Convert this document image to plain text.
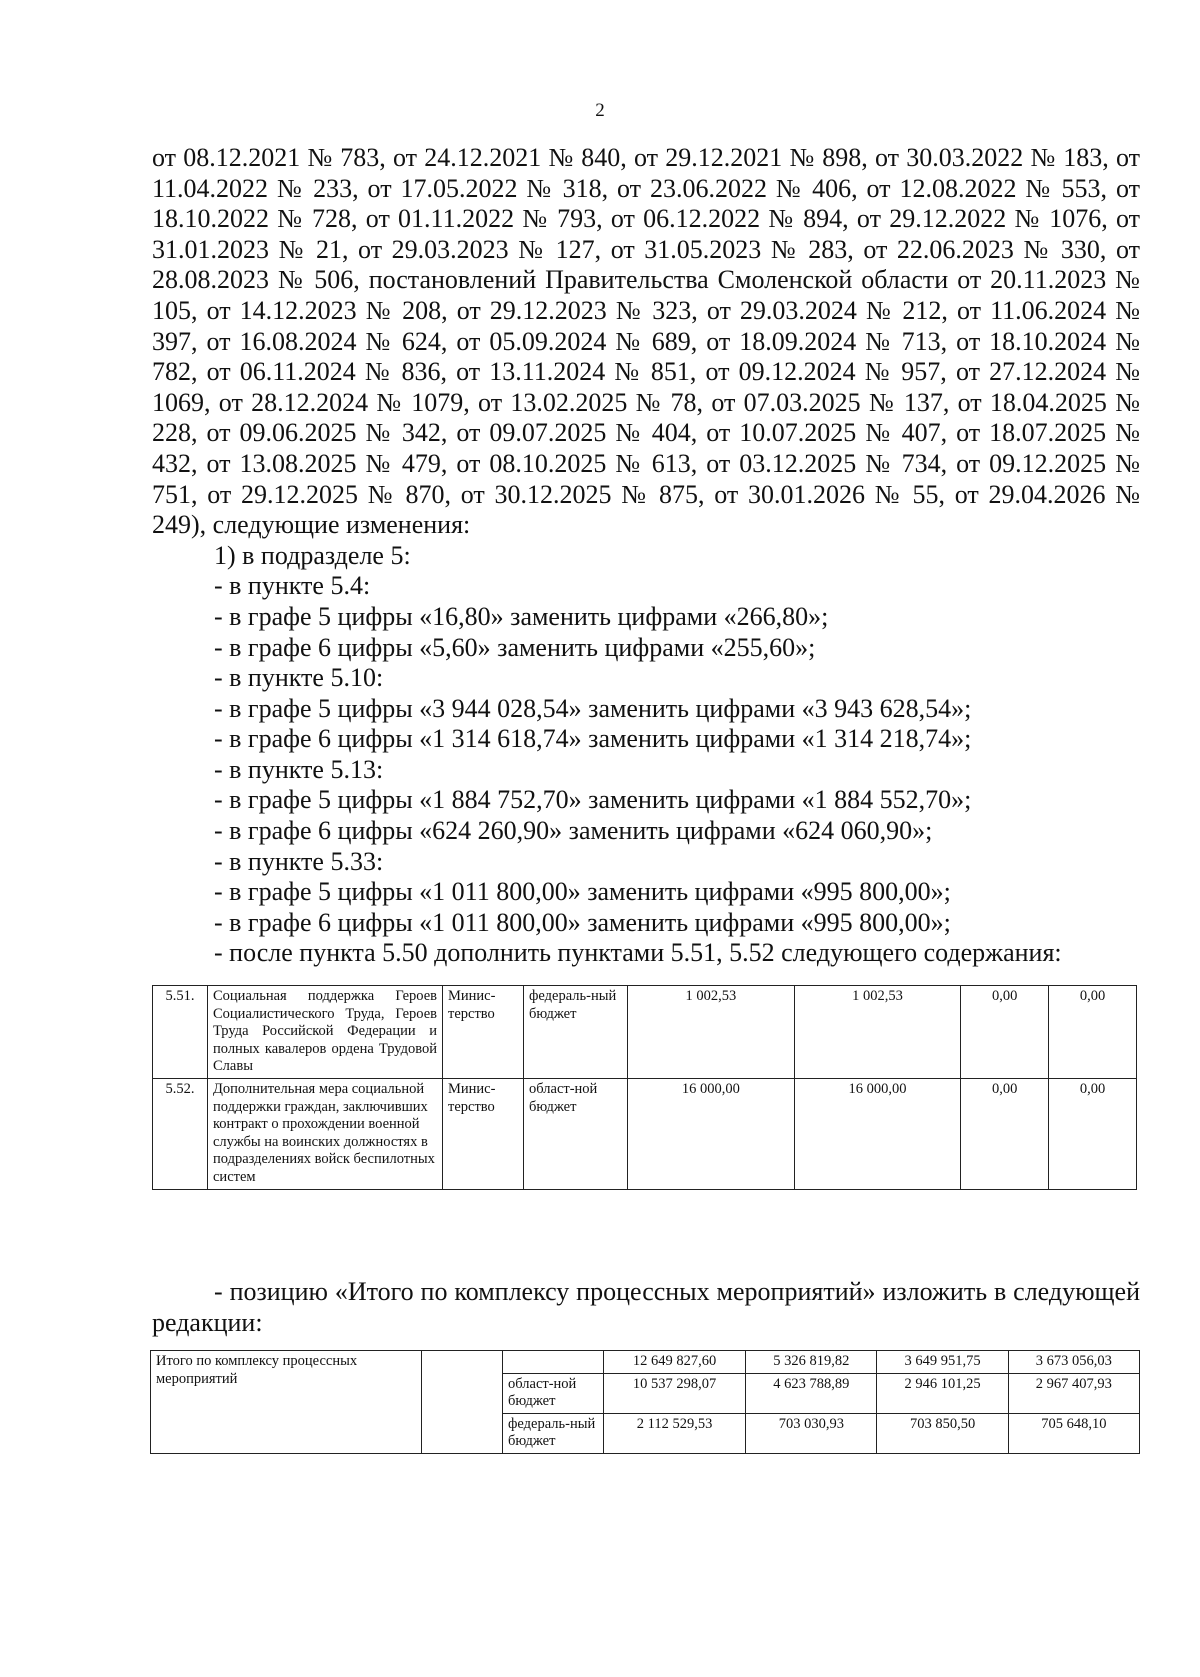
2
от 08.12.2021 № 783, от 24.12.2021 № 840, от 29.12.2021 № 898, от 30.03.2022 № 183, от 11.04.2022 № 233, от 17.05.2022 № 318, от 23.06.2022 № 406, от 12.08.2022 № 553, от 18.10.2022 № 728, от 01.11.2022 № 793, от 06.12.2022 № 894, от 29.12.2022 № 1076, от 31.01.2023 № 21, от 29.03.2023 № 127, от 31.05.2023 № 283, от 22.06.2023 № 330, от 28.08.2023 № 506, постановлений Правительства Смоленской области от 20.11.2023 № 105, от 14.12.2023 № 208, от 29.12.2023 № 323, от 29.03.2024 № 212, от 11.06.2024 № 397, от 16.08.2024 № 624, от 05.09.2024 № 689, от 18.09.2024 № 713, от 18.10.2024 № 782, от 06.11.2024 № 836, от 13.11.2024 № 851, от 09.12.2024 № 957, от 27.12.2024 № 1069, от 28.12.2024 № 1079, от 13.02.2025 № 78, от 07.03.2025 № 137, от 18.04.2025 № 228, от 09.06.2025 № 342, от 09.07.2025 № 404, от 10.07.2025 № 407, от 18.07.2025 № 432, от 13.08.2025 № 479, от 08.10.2025 № 613, от 03.12.2025 № 734, от 09.12.2025 № 751, от 29.12.2025 № 870, от 30.12.2025 № 875, от 30.01.2026 № 55, от 29.04.2026 № 249), следующие изменения:
1) в подразделе 5:
- в пункте 5.4:
- в графе 5 цифры «16,80» заменить цифрами «266,80»;
- в графе 6 цифры «5,60» заменить цифрами «255,60»;
- в пункте 5.10:
- в графе 5 цифры «3 944 028,54» заменить цифрами «3 943 628,54»;
- в графе 6 цифры «1 314 618,74» заменить цифрами «1 314 218,74»;
- в пункте 5.13:
- в графе 5 цифры «1 884 752,70» заменить цифрами «1 884 552,70»;
- в графе 6 цифры «624 260,90» заменить цифрами «624 060,90»;
- в пункте 5.33:
- в графе 5 цифры «1 011 800,00» заменить цифрами «995 800,00»;
- в графе 6 цифры «1 011 800,00» заменить цифрами «995 800,00»;
- после пункта 5.50 дополнить пунктами 5.51, 5.52 следующего содержания:
5.51.	Социальная поддержка Героев Социалистического Труда, Героев Труда Российской Федерации и полных кавалеров ордена Трудовой Славы	Минис-терство	федераль-ный бюджет	1 002,53	1 002,53	0,00	0,00
5.52.	Дополнительная мера социальной поддержки граждан, заключивших контракт о прохождении военной службы на воинских должностях в подразделениях войск беспилотных систем	Минис-терство	област-ной бюджет	16 000,00	16 000,00	0,00	0,00
- позицию «Итого по комплексу процессных мероприятий» изложить в следующей редакции:
Итого по комплексу процессных мероприятий			12 649 827,60	5 326 819,82	3 649 951,75	3 673 056,03
		област-ной бюджет	10 537 298,07	4 623 788,89	2 946 101,25	2 967 407,93
		федераль-ный бюджет	2 112 529,53	703 030,93	703 850,50	705 648,10
